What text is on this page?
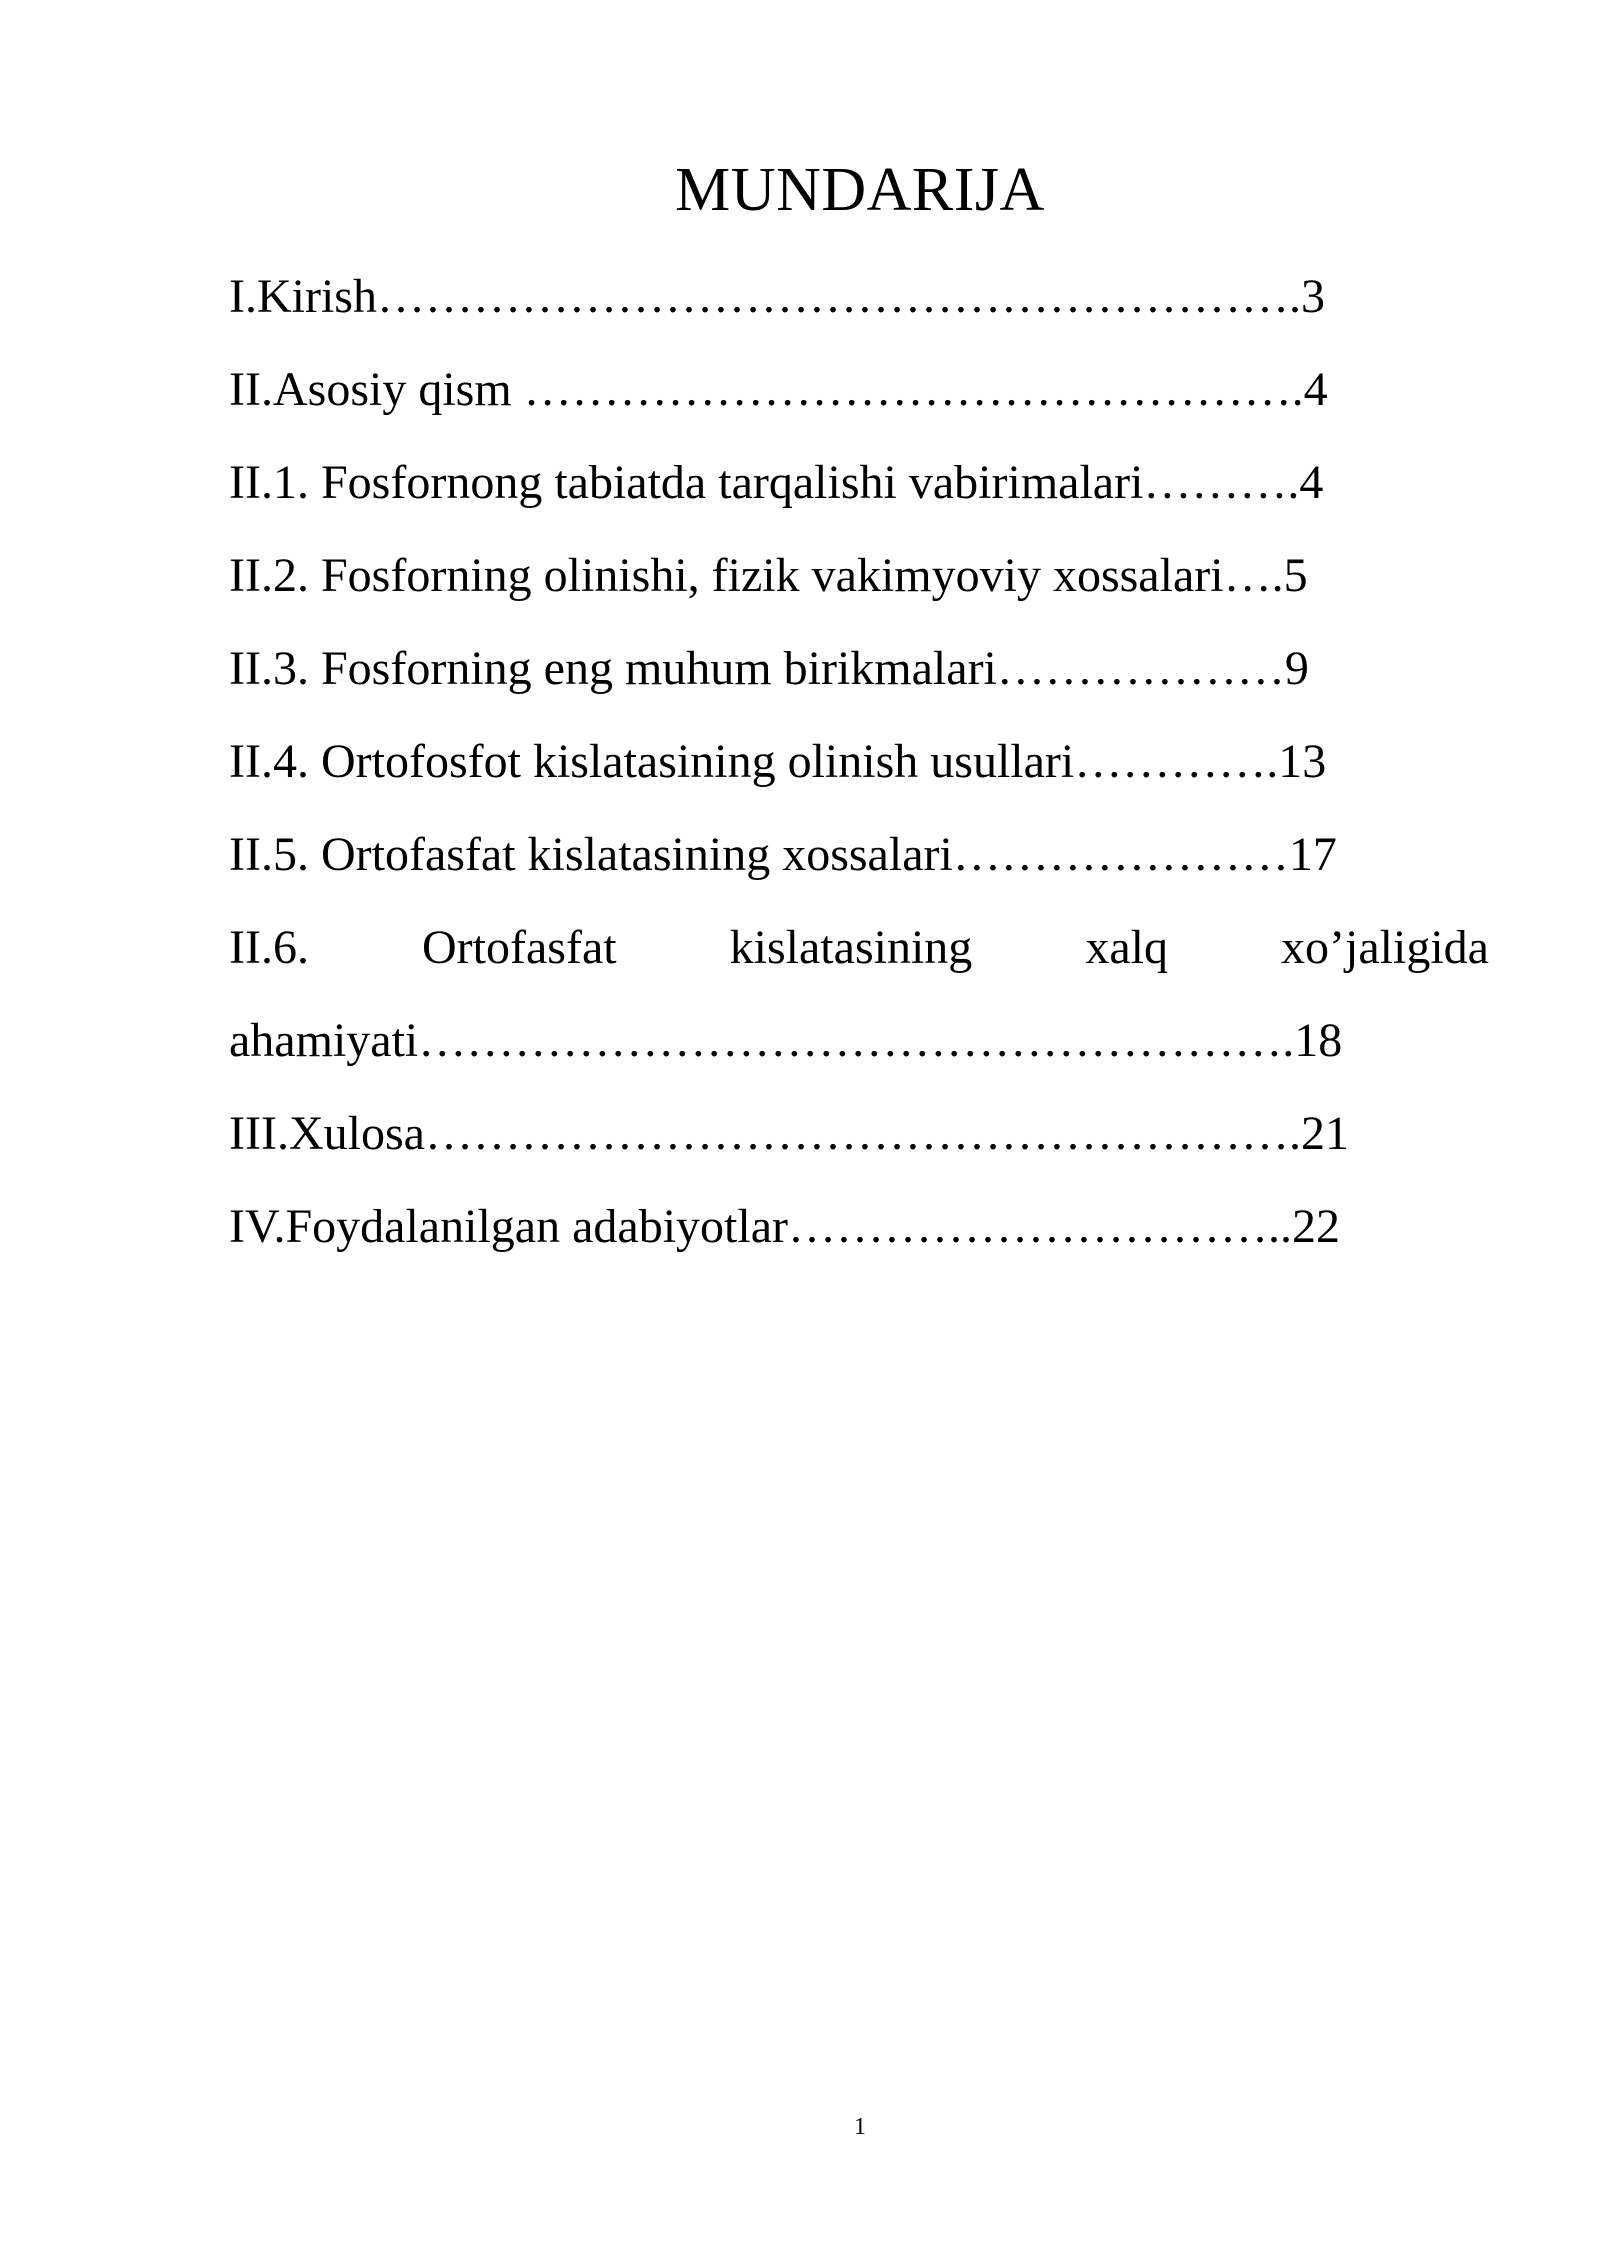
MUNDARIJA
I.Kirish………………………………………………….3
II.Asosiy qism ………………………………………….4
II.1. Fosfornong tabiatda tarqalishi vabirimalari……….4
II.2. Fosforning olinishi, fizik vakimyoviy xossalari….5
II.3. Fosforning eng muhum birikmalari………………9
II.4. Ortofosfot kislatasining olinish usullari………….13
II.5. Ortofasfat kislatasining xossalari…………………17
II.6. Ortofasfat kislatasining xalq xo’jaligida
ahamiyati……………………………………………….18
III.Xulosa……………………………………………….21
IV.Foydalanilgan adabiyotlar…………………………..22
1
